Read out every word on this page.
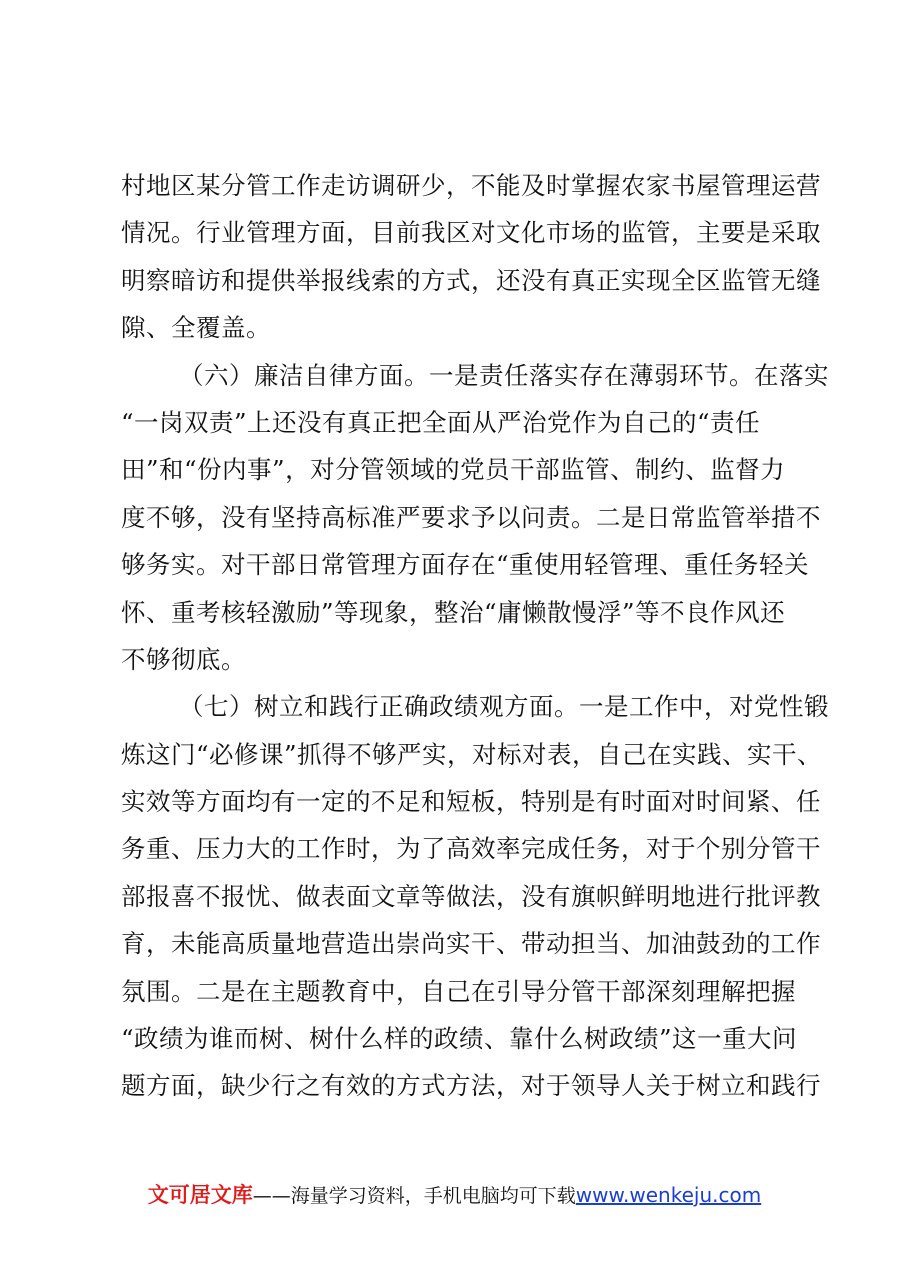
村地区某分管工作走访调研少，不能及时掌握农家书屋管理运营
情况。行业管理方面，目前我区对文化市场的监管，主要是采取
明察暗访和提供举报线索的方式，还没有真正实现全区监管无缝
隙、全覆盖。
（六）廉洁自律方面。一是责任落实存在薄弱环节。在落实
“一岗双责”上还没有真正把全面从严治党作为自己的“责任
田”和“份内事”，对分管领域的党员干部监管、制约、监督力
度不够，没有坚持高标准严要求予以问责。二是日常监管举措不
够务实。对干部日常管理方面存在“重使用轻管理、重任务轻关
怀、重考核轻激励”等现象，整治“庸懒散慢浮”等不良作风还
不够彻底。
（七）树立和践行正确政绩观方面。一是工作中，对党性锻
炼这门“必修课”抓得不够严实，对标对表，自己在实践、实干、
实效等方面均有一定的不足和短板，特别是有时面对时间紧、任
务重、压力大的工作时，为了高效率完成任务，对于个别分管干
部报喜不报忧、做表面文章等做法，没有旗帜鲜明地进行批评教
育，未能高质量地营造出崇尚实干、带动担当、加油鼓劲的工作
氛围。二是在主题教育中，自己在引导分管干部深刻理解把握
“政绩为谁而树、树什么样的政绩、靠什么树政绩”这一重大问
题方面，缺少行之有效的方式方法，对于领导人关于树立和践行
文可居文库——海量学习资料，手机电脑均可下载www.wenkeju.com
